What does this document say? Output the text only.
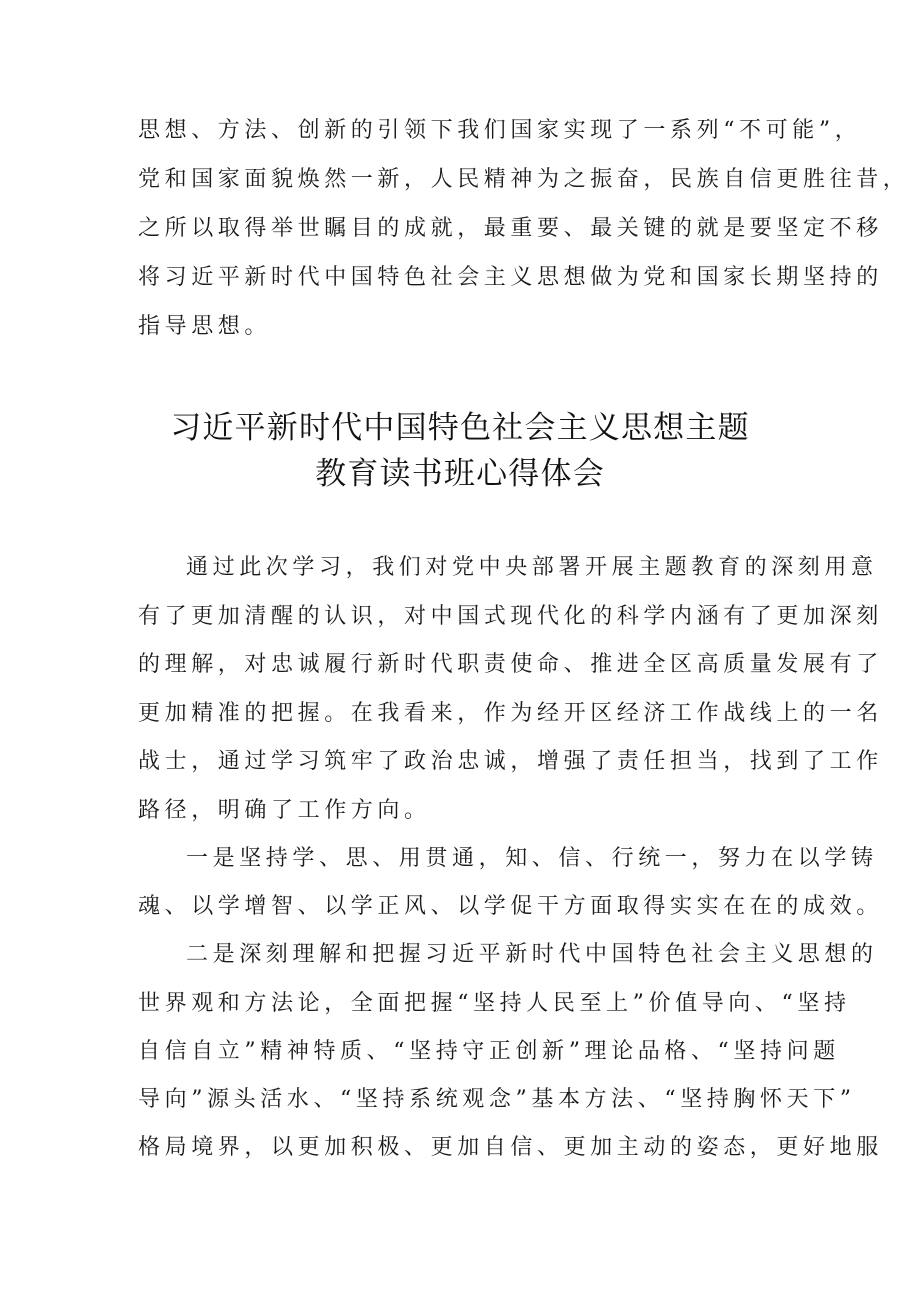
思想、方法、创新的引领下我们国家实现了一系列“不可能”，
党和国家面貌焕然一新，人民精神为之振奋，民族自信更胜往昔，
之所以取得举世瞩目的成就，最重要、最关键的就是要坚定不移
将习近平新时代中国特色社会主义思想做为党和国家长期坚持的
指导思想。
习近平新时代中国特色社会主义思想主题
教育读书班心得体会
通过此次学习，我们对党中央部署开展主题教育的深刻用意
有了更加清醒的认识，对中国式现代化的科学内涵有了更加深刻
的理解，对忠诚履行新时代职责使命、推进全区高质量发展有了
更加精准的把握。在我看来，作为经开区经济工作战线上的一名
战士，通过学习筑牢了政治忠诚，增强了责任担当，找到了工作
路径，明确了工作方向。
一是坚持学、思、用贯通，知、信、行统一，努力在以学铸
魂、以学增智、以学正风、以学促干方面取得实实在在的成效。
二是深刻理解和把握习近平新时代中国特色社会主义思想的
世界观和方法论，全面把握“坚持人民至上”价值导向、“坚持
自信自立”精神特质、“坚持守正创新”理论品格、“坚持问题
导向”源头活水、“坚持系统观念”基本方法、“坚持胸怀天下”
格局境界，以更加积极、更加自信、更加主动的姿态，更好地服
